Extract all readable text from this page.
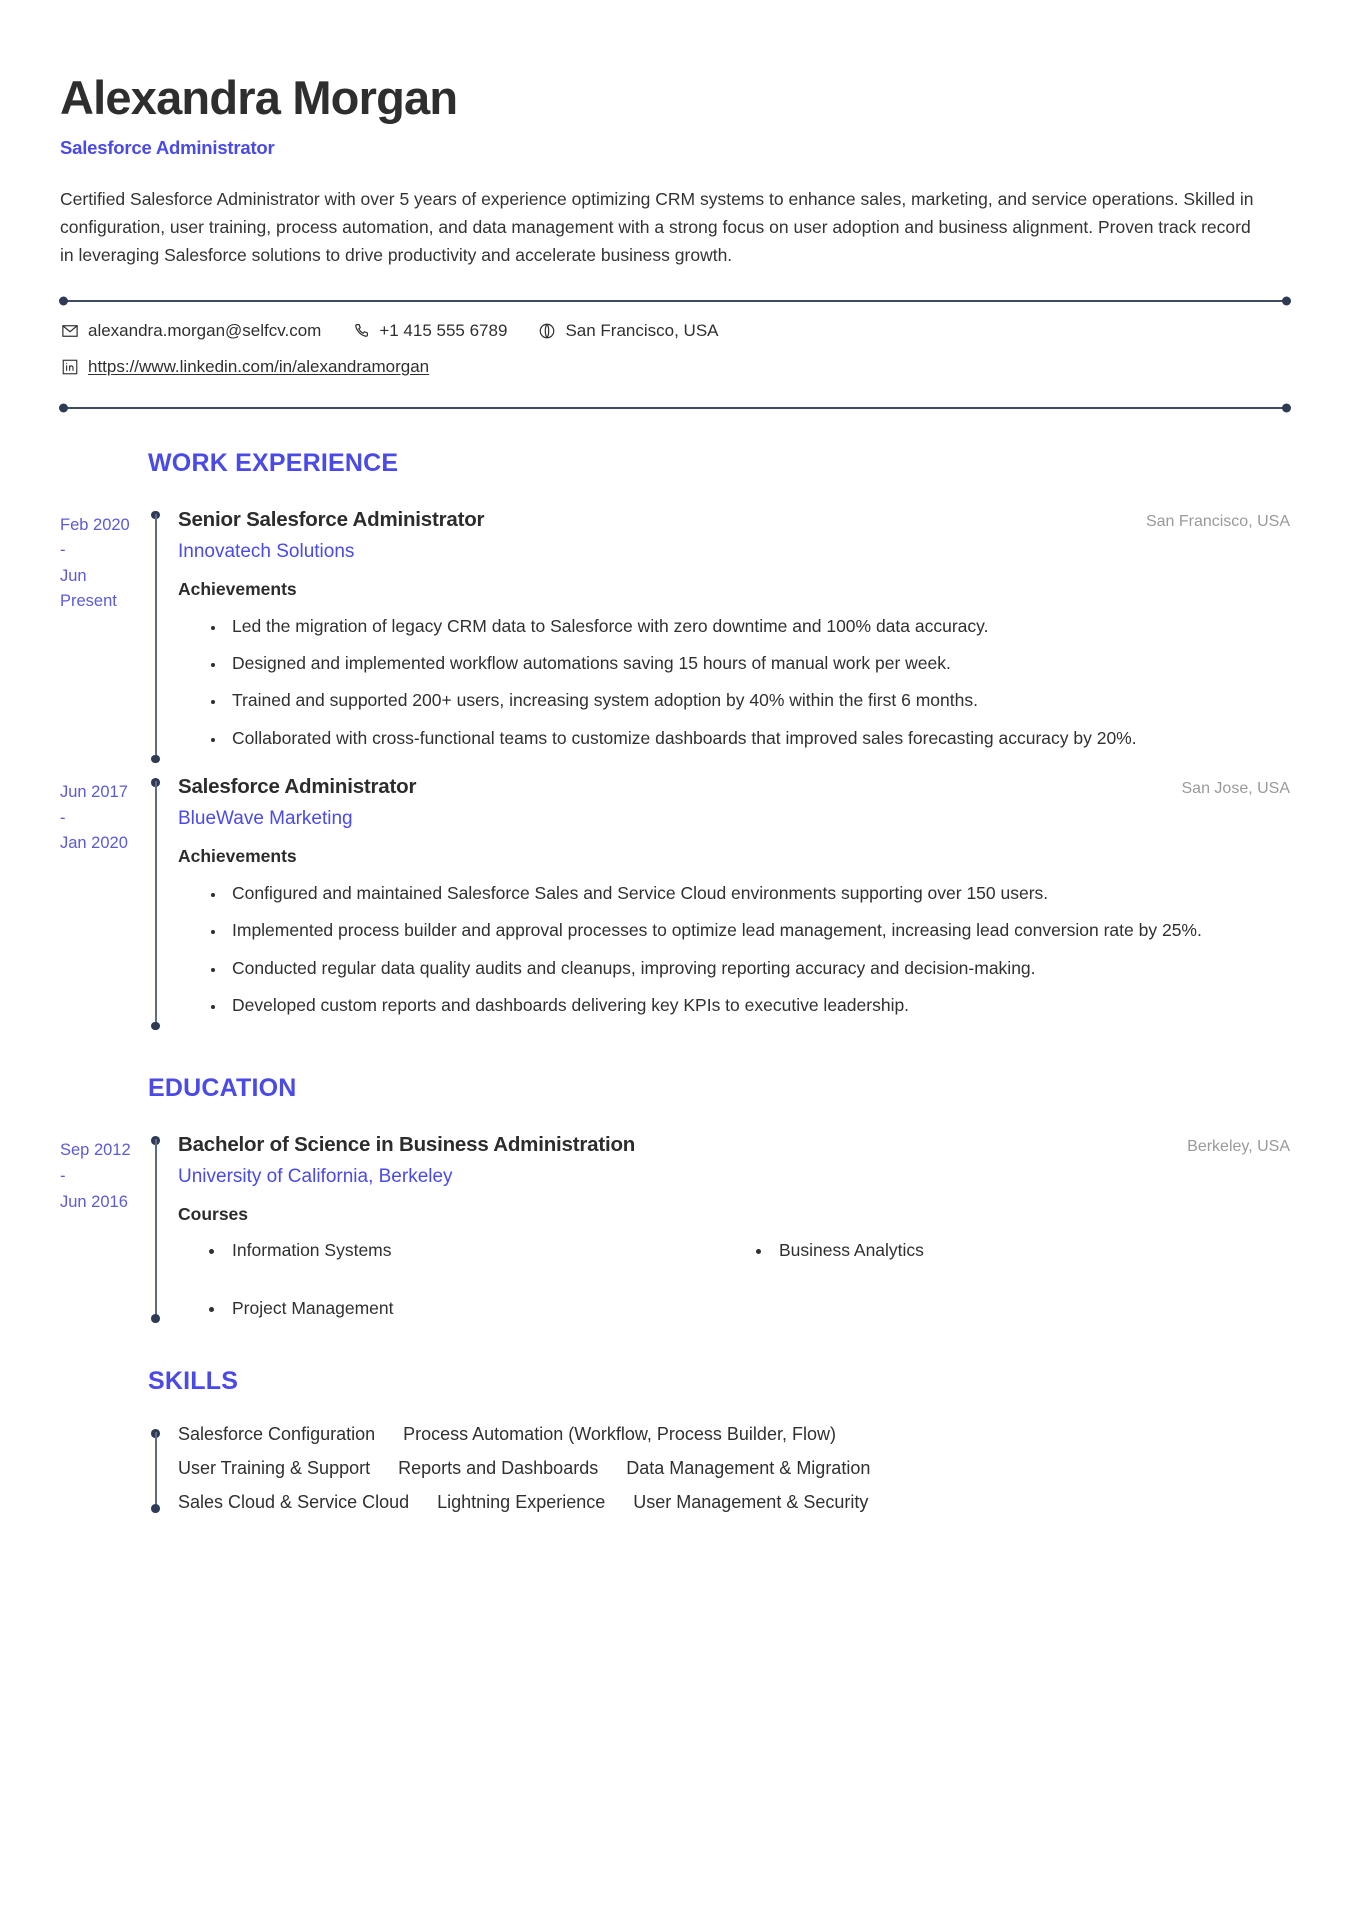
Alexandra Morgan
Salesforce Administrator

Certified Salesforce Administrator with over 5 years of experience optimizing CRM systems to enhance sales, marketing, and service operations. Skilled in configuration, user training, process automation, and data management with a strong focus on user adoption and business alignment. Proven track record in leveraging Salesforce solutions to drive productivity and accelerate business growth.

alexandra.morgan@selfcv.com	+1 415 555 6789	San Francisco, USA
https://www.linkedin.com/in/alexandramorgan
WORK EXPERIENCE
Feb 2020
-
Jun
Present
Senior Salesforce Administrator	San Francisco, USA
Innovatech Solutions
Achievements
• Led the migration of legacy CRM data to Salesforce with zero downtime and 100% data accuracy.
• Designed and implemented workflow automations saving 15 hours of manual work per week.
• Trained and supported 200+ users, increasing system adoption by 40% within the first 6 months.
• Collaborated with cross-functional teams to customize dashboards that improved sales forecasting accuracy by 20%.
Jun 2017
-
Jan 2020
Salesforce Administrator	San Jose, USA
BlueWave Marketing
Achievements
• Configured and maintained Salesforce Sales and Service Cloud environments supporting over 150 users.
• Implemented process builder and approval processes to optimize lead management, increasing lead conversion rate by 25%.
• Conducted regular data quality audits and cleanups, improving reporting accuracy and decision-making.
• Developed custom reports and dashboards delivering key KPIs to executive leadership.
EDUCATION
Sep 2012
-
Jun 2016
Bachelor of Science in Business Administration	Berkeley, USA
University of California, Berkeley
Courses
• Information Systems	• Business Analytics
• Project Management
SKILLS
Salesforce Configuration Process Automation (Workflow, Process Builder, Flow)
User Training & Support Reports and Dashboards Data Management & Migration
Sales Cloud & Service Cloud Lightning Experience User Management & Security
